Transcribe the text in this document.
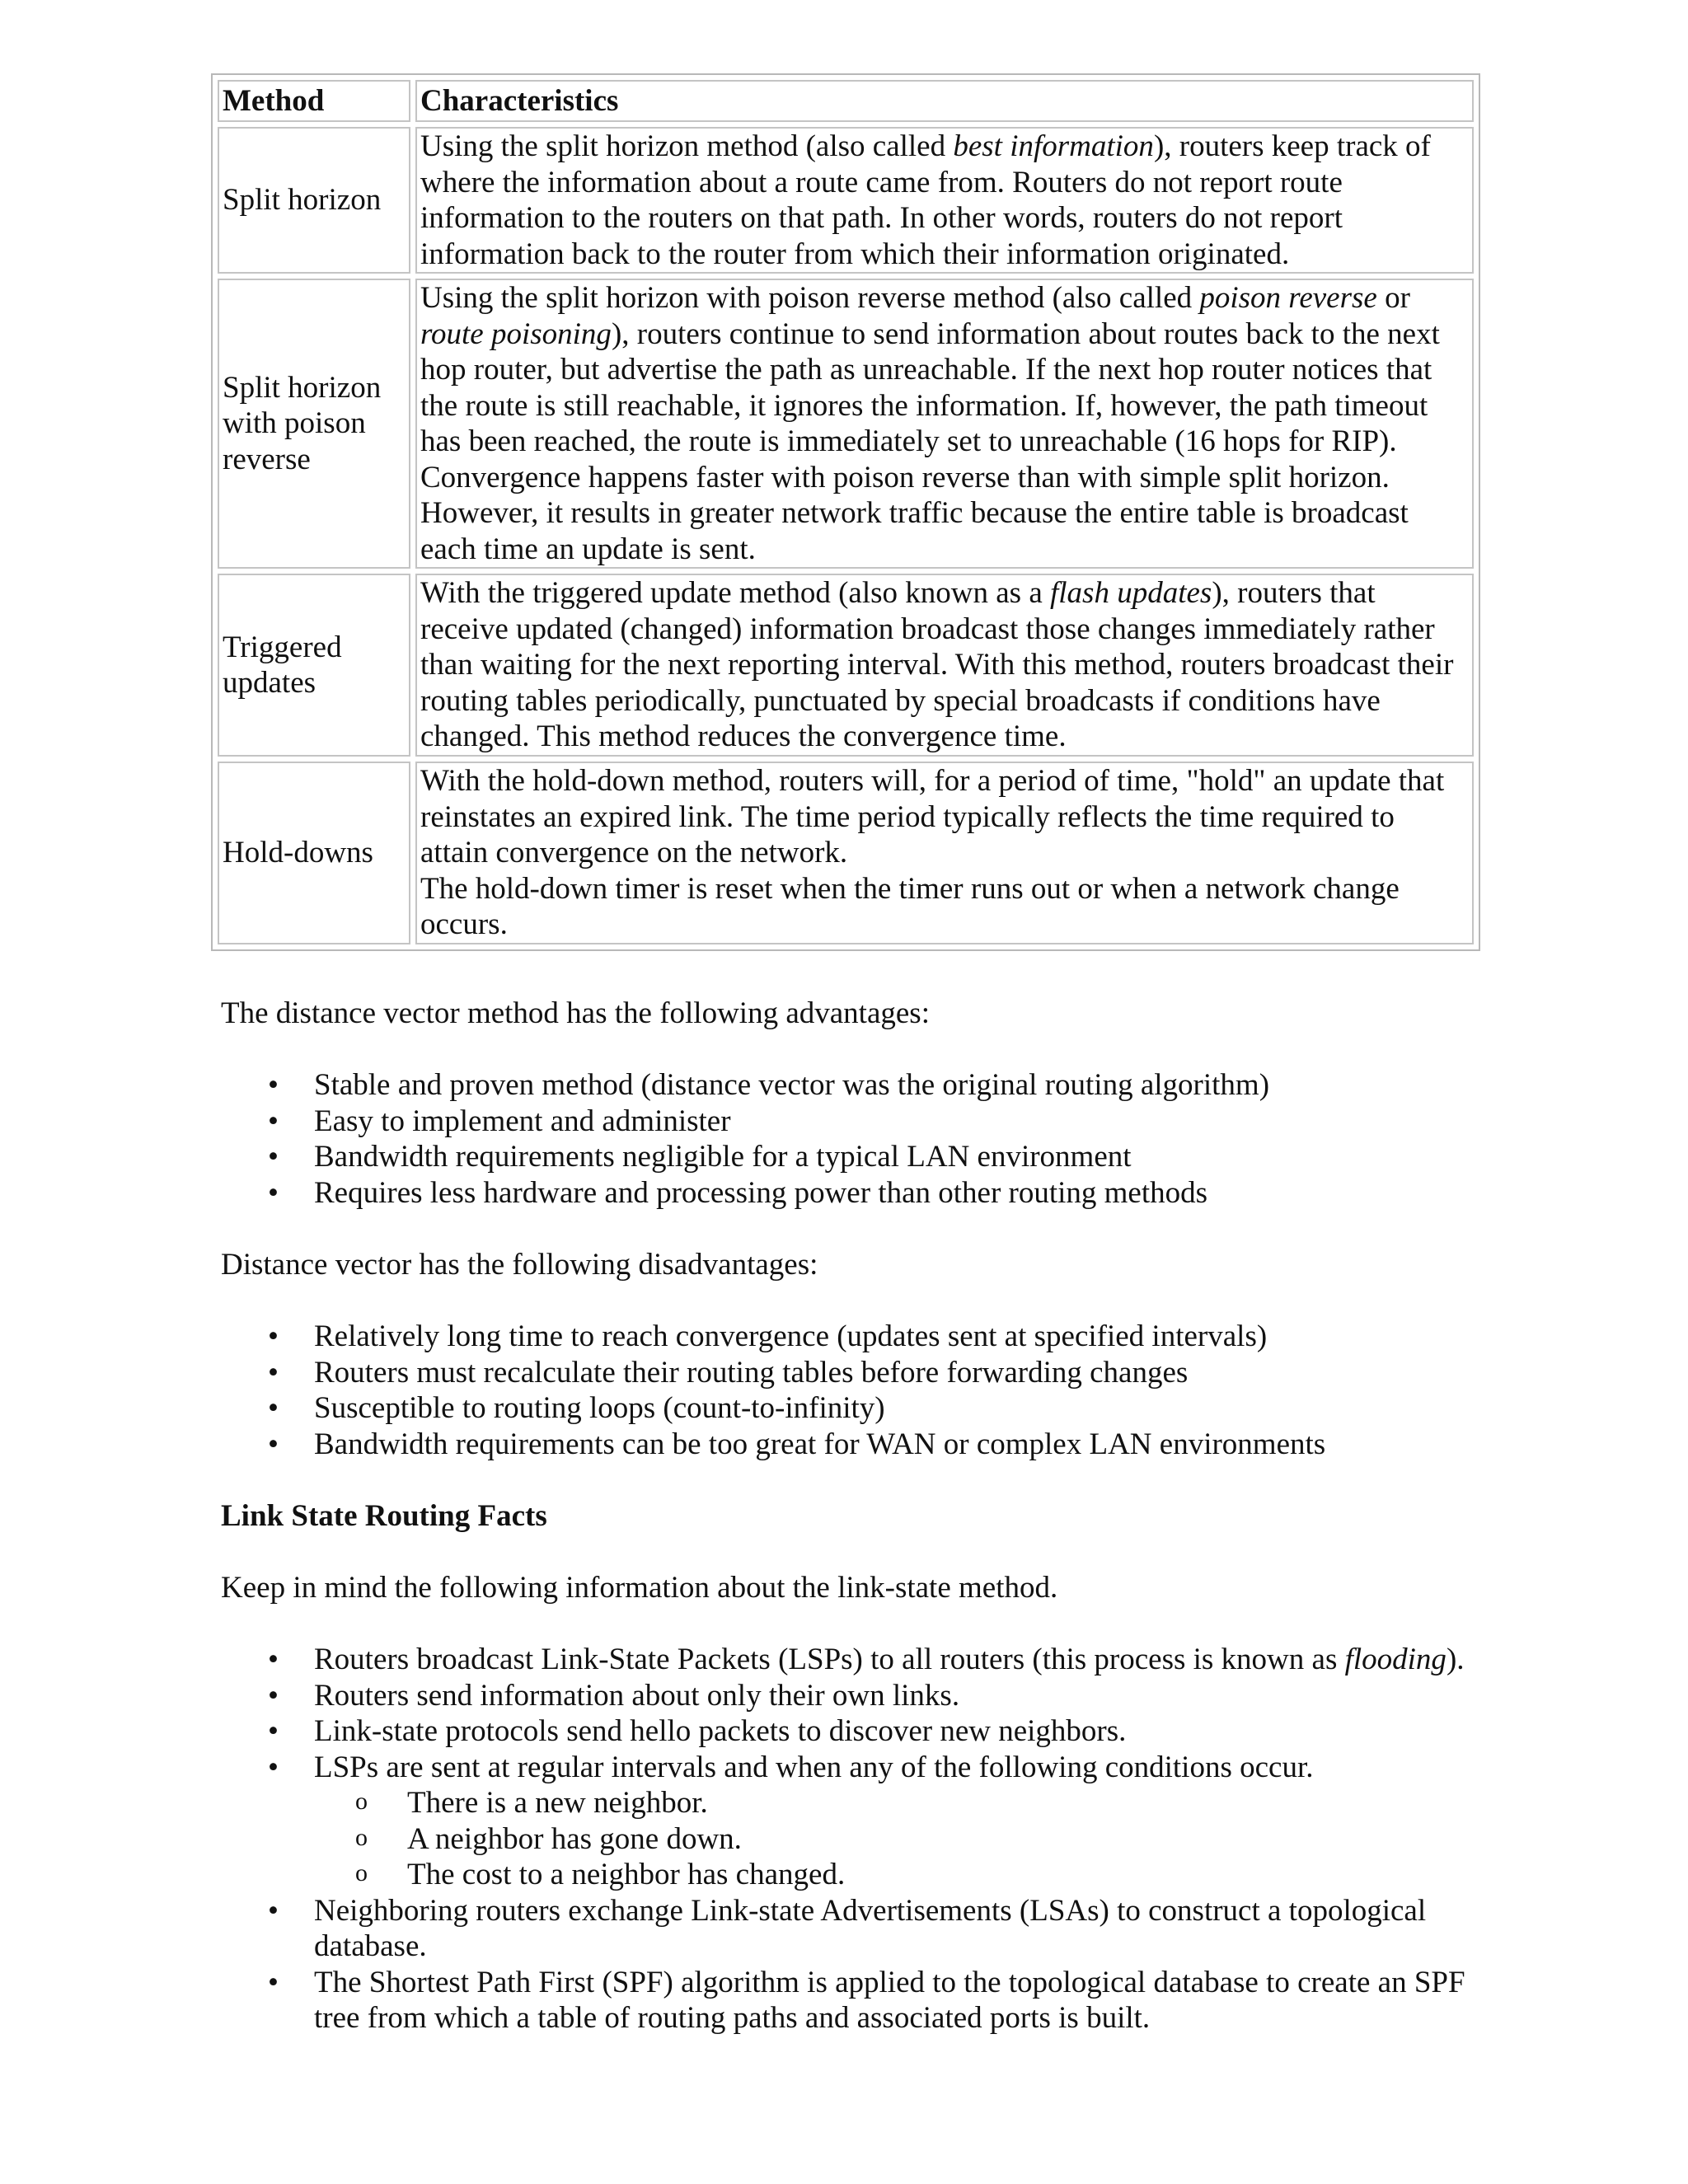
Method	Characteristics
Split horizon	Using the split horizon method (also called best information), routers keep track of where the information about a route came from. Routers do not report route information to the routers on that path. In other words, routers do not report information back to the router from which their information originated.
Split horizon with poison reverse	Using the split horizon with poison reverse method (also called poison reverse or route poisoning), routers continue to send information about routes back to the next hop router, but advertise the path as unreachable. If the next hop router notices that the route is still reachable, it ignores the information. If, however, the path timeout has been reached, the route is immediately set to unreachable (16 hops for RIP). Convergence happens faster with poison reverse than with simple split horizon. However, it results in greater network traffic because the entire table is broadcast each time an update is sent.
Triggered updates	With the triggered update method (also known as a flash updates), routers that receive updated (changed) information broadcast those changes immediately rather than waiting for the next reporting interval. With this method, routers broadcast their routing tables periodically, punctuated by special broadcasts if conditions have changed. This method reduces the convergence time.
Hold-downs	With the hold-down method, routers will, for a period of time, "hold" an update that reinstates an expired link. The time period typically reflects the time required to attain convergence on the network.
The hold-down timer is reset when the timer runs out or when a network change occurs.

The distance vector method has the following advantages:

• Stable and proven method (distance vector was the original routing algorithm)
• Easy to implement and administer
• Bandwidth requirements negligible for a typical LAN environment
• Requires less hardware and processing power than other routing methods

Distance vector has the following disadvantages:

• Relatively long time to reach convergence (updates sent at specified intervals)
• Routers must recalculate their routing tables before forwarding changes
• Susceptible to routing loops (count-to-infinity)
• Bandwidth requirements can be too great for WAN or complex LAN environments

Link State Routing Facts

Keep in mind the following information about the link-state method.

• Routers broadcast Link-State Packets (LSPs) to all routers (this process is known as flooding).
• Routers send information about only their own links.
• Link-state protocols send hello packets to discover new neighbors.
• LSPs are sent at regular intervals and when any of the following conditions occur.
o There is a new neighbor.
o A neighbor has gone down.
o The cost to a neighbor has changed.
• Neighboring routers exchange Link-state Advertisements (LSAs) to construct a topological database.
• The Shortest Path First (SPF) algorithm is applied to the topological database to create an SPF tree from which a table of routing paths and associated ports is built.
